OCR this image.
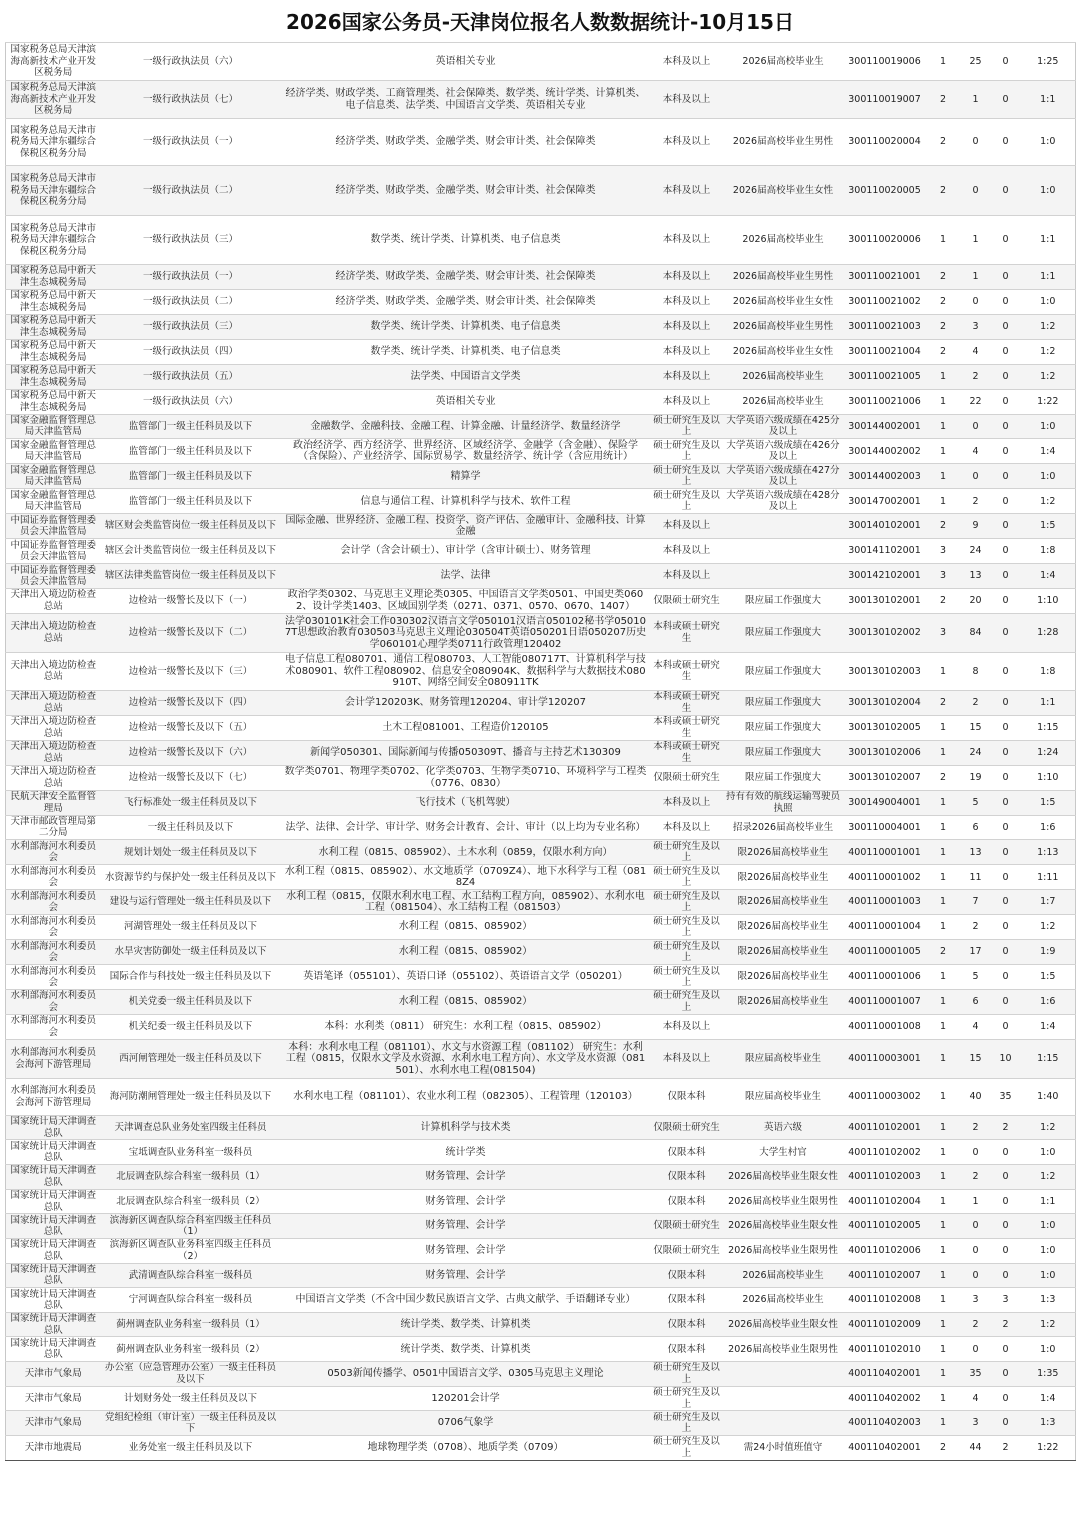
2026国家公务员-天津岗位报名人数数据统计-10月15日
国家税务总局天津滨海高新技术产业开发区税务局	一级行政执法员（六）	英语相关专业	本科及以上	2026届高校毕业生	300110019006	1	25	0	1:25
国家税务总局天津滨海高新技术产业开发区税务局	一级行政执法员（七）	经济学类、财政学类、工商管理类、社会保障类、数学类、统计学类、计算机类、电子信息类、法学类、中国语言文学类、英语相关专业	本科及以上		300110019007	2	1	0	1:1
国家税务总局天津市税务局天津东疆综合保税区税务分局	一级行政执法员（一）	经济学类、财政学类、金融学类、财会审计类、社会保障类	本科及以上	2026届高校毕业生男性	300110020004	2	0	0	1:0
国家税务总局天津市税务局天津东疆综合保税区税务分局	一级行政执法员（二）	经济学类、财政学类、金融学类、财会审计类、社会保障类	本科及以上	2026届高校毕业生女性	300110020005	2	0	0	1:0
国家税务总局天津市税务局天津东疆综合保税区税务分局	一级行政执法员（三）	数学类、统计学类、计算机类、电子信息类	本科及以上	2026届高校毕业生	300110020006	1	1	0	1:1
国家税务总局中新天津生态城税务局	一级行政执法员（一）	经济学类、财政学类、金融学类、财会审计类、社会保障类	本科及以上	2026届高校毕业生男性	300110021001	2	1	0	1:1
国家税务总局中新天津生态城税务局	一级行政执法员（二）	经济学类、财政学类、金融学类、财会审计类、社会保障类	本科及以上	2026届高校毕业生女性	300110021002	2	0	0	1:0
国家税务总局中新天津生态城税务局	一级行政执法员（三）	数学类、统计学类、计算机类、电子信息类	本科及以上	2026届高校毕业生男性	300110021003	2	3	0	1:2
国家税务总局中新天津生态城税务局	一级行政执法员（四）	数学类、统计学类、计算机类、电子信息类	本科及以上	2026届高校毕业生女性	300110021004	2	4	0	1:2
国家税务总局中新天津生态城税务局	一级行政执法员（五）	法学类、中国语言文学类	本科及以上	2026届高校毕业生	300110021005	1	2	0	1:2
国家税务总局中新天津生态城税务局	一级行政执法员（六）	英语相关专业	本科及以上	2026届高校毕业生	300110021006	1	22	0	1:22
国家金融监督管理总局天津监管局	监管部门一级主任科员及以下	金融数学、金融科技、金融工程、计算金融、计量经济学、数量经济学	硕士研究生及以上	大学英语六级成绩在425分及以上	300144002001	1	0	0	1:0
国家金融监督管理总局天津监管局	监管部门一级主任科员及以下	政治经济学、西方经济学、世界经济、区域经济学、金融学（含金融）、保险学（含保险）、产业经济学、国际贸易学、数量经济学、统计学（含应用统计）	硕士研究生及以上	大学英语六级成绩在426分及以上	300144002002	1	4	0	1:4
国家金融监督管理总局天津监管局	监管部门一级主任科员及以下	精算学	硕士研究生及以上	大学英语六级成绩在427分及以上	300144002003	1	0	0	1:0
国家金融监督管理总局天津监管局	监管部门一级主任科员及以下	信息与通信工程、计算机科学与技术、软件工程	硕士研究生及以上	大学英语六级成绩在428分及以上	300147002001	1	2	0	1:2
中国证券监督管理委员会天津监管局	辖区财会类监管岗位一级主任科员及以下	国际金融、世界经济、金融工程、投资学、资产评估、金融审计、金融科技、计算金融	本科及以上		300140102001	2	9	0	1:5
中国证券监督管理委员会天津监管局	辖区会计类监管岗位一级主任科员及以下	会计学（含会计硕士）、审计学（含审计硕士）、财务管理	本科及以上		300141102001	3	24	0	1:8
中国证券监督管理委员会天津监管局	辖区法律类监管岗位一级主任科员及以下	法学、法律	本科及以上		300142102001	3	13	0	1:4
天津出入境边防检查总站	边检站一级警长及以下（一）	政治学类0302、马克思主义理论类0305、中国语言文学类0501、中国史类0602、设计学类1403、区域国别学类（0271、0371、0570、0670、1407）	仅限硕士研究生	限应届工作强度大	300130102001	2	20	0	1:10
天津出入境边防检查总站	边检站一级警长及以下（二）	法学030101K社会工作030302汉语言文学050101汉语言050102秘书学050107T思想政治教育030503马克思主义理论030504T英语050201日语050207历史学060101心理学类0711行政管理120402	本科或硕士研究生	限应届工作强度大	300130102002	3	84	0	1:28
天津出入境边防检查总站	边检站一级警长及以下（三）	电子信息工程080701、通信工程080703、人工智能080717T、计算机科学与技术080901、软件工程080902、信息安全080904K、数据科学与大数据技术080910T、网络空间安全080911TK	本科或硕士研究生	限应届工作强度大	300130102003	1	8	0	1:8
天津出入境边防检查总站	边检站一级警长及以下（四）	会计学120203K、财务管理120204、审计学120207	本科或硕士研究生	限应届工作强度大	300130102004	2	2	0	1:1
天津出入境边防检查总站	边检站一级警长及以下（五）	土木工程081001、工程造价120105	本科或硕士研究生	限应届工作强度大	300130102005	1	15	0	1:15
天津出入境边防检查总站	边检站一级警长及以下（六）	新闻学050301、国际新闻与传播050309T、播音与主持艺术130309	本科或硕士研究生	限应届工作强度大	300130102006	1	24	0	1:24
天津出入境边防检查总站	边检站一级警长及以下（七）	数学类0701、物理学类0702、化学类0703、生物学类0710、环境科学与工程类（0776、0830）	仅限硕士研究生	限应届工作强度大	300130102007	2	19	0	1:10
民航天津安全监督管理局	飞行标准处一级主任科员及以下	飞行技术（飞机驾驶）	本科及以上	持有有效的航线运输驾驶员执照	300149004001	1	5	0	1:5
天津市邮政管理局第二分局	一级主任科员及以下	法学、法律、会计学、审计学、财务会计教育、会计、审计（以上均为专业名称）	本科及以上	招录2026届高校毕业生	300110004001	1	6	0	1:6
水利部海河水利委员会	规划计划处一级主任科员及以下	水利工程（0815、085902）、土木水利（0859，仅限水利方向）	硕士研究生及以上	限2026届高校毕业生	400110001001	1	13	0	1:13
水利部海河水利委员会	水资源节约与保护处一级主任科员及以下	水利工程（0815、085902）、水文地质学（0709Z4）、地下水科学与工程（0818Z4	硕士研究生及以上	限2026届高校毕业生	400110001002	1	11	0	1:11
水利部海河水利委员会	建设与运行管理处一级主任科员及以下	水利工程（0815，仅限水利水电工程、水工结构工程方向，085902）、水利水电工程（081504）、水工结构工程（081503）	硕士研究生及以上	限2026届高校毕业生	400110001003	1	7	0	1:7
水利部海河水利委员会	河湖管理处一级主任科员及以下	水利工程（0815、085902）	硕士研究生及以上	限2026届高校毕业生	400110001004	1	2	0	1:2
水利部海河水利委员会	水旱灾害防御处一级主任科员及以下	水利工程（0815、085902）	硕士研究生及以上	限2026届高校毕业生	400110001005	2	17	0	1:9
水利部海河水利委员会	国际合作与科技处一级主任科员及以下	英语笔译（055101）、英语口译（055102）、英语语言文学（050201）	硕士研究生及以上	限2026届高校毕业生	400110001006	1	5	0	1:5
水利部海河水利委员会	机关党委一级主任科员及以下	水利工程（0815、085902）	硕士研究生及以上	限2026届高校毕业生	400110001007	1	6	0	1:6
水利部海河水利委员会	机关纪委一级主任科员及以下	本科：水利类（0811） 研究生：水利工程（0815、085902）	本科及以上		400110001008	1	4	0	1:4
水利部海河水利委员会海河下游管理局	西河闸管理处一级主任科员及以下	本科：水利水电工程（081101）、水文与水资源工程（081102） 研究生：水利工程（0815，仅限水文学及水资源、水利水电工程方向）、水文学及水资源（081501）、水利水电工程(081504)	本科及以上	限应届高校毕业生	400110003001	1	15	10	1:15
水利部海河水利委员会海河下游管理局	海河防潮闸管理处一级主任科员及以下	水利水电工程（081101）、农业水利工程（082305）、工程管理（120103）	仅限本科	限应届高校毕业生	400110003002	1	40	35	1:40
国家统计局天津调查总队	天津调查总队业务处室四级主任科员	计算机科学与技术类	仅限硕士研究生	英语六级	400110102001	1	2	2	1:2
国家统计局天津调查总队	宝坻调查队业务科室一级科员	统计学类	仅限本科	大学生村官	400110102002	1	0	0	1:0
国家统计局天津调查总队	北辰调查队综合科室一级科员（1）	财务管理、会计学	仅限本科	2026届高校毕业生限女性	400110102003	1	2	0	1:2
国家统计局天津调查总队	北辰调查队综合科室一级科员（2）	财务管理、会计学	仅限本科	2026届高校毕业生限男性	400110102004	1	1	0	1:1
国家统计局天津调查总队	滨海新区调查队综合科室四级主任科员（1）	财务管理、会计学	仅限硕士研究生	2026届高校毕业生限女性	400110102005	1	0	0	1:0
国家统计局天津调查总队	滨海新区调查队业务科室四级主任科员（2）	财务管理、会计学	仅限硕士研究生	2026届高校毕业生限男性	400110102006	1	0	0	1:0
国家统计局天津调查总队	武清调查队综合科室一级科员	财务管理、会计学	仅限本科	2026届高校毕业生	400110102007	1	0	0	1:0
国家统计局天津调查总队	宁河调查队综合科室一级科员	中国语言文学类（不含中国少数民族语言文学、古典文献学、手语翻译专业）	仅限本科	2026届高校毕业生	400110102008	1	3	3	1:3
国家统计局天津调查总队	蓟州调查队业务科室一级科员（1）	统计学类、数学类、计算机类	仅限本科	2026届高校毕业生限女性	400110102009	1	2	2	1:2
国家统计局天津调查总队	蓟州调查队业务科室一级科员（2）	统计学类、数学类、计算机类	仅限本科	2026届高校毕业生限男性	400110102010	1	0	0	1:0
天津市气象局	办公室（应急管理办公室）一级主任科员及以下	0503新闻传播学、0501中国语言文学、0305马克思主义理论	硕士研究生及以上		400110402001	1	35	0	1:35
天津市气象局	计划财务处一级主任科员及以下	120201会计学	硕士研究生及以上		400110402002	1	4	0	1:4
天津市气象局	党组纪检组（审计室）一级主任科员及以下	0706气象学	硕士研究生及以上		400110402003	1	3	0	1:3
天津市地震局	业务处室一级主任科员及以下	地球物理学类（0708）、地质学类（0709）	硕士研究生及以上	需24小时值班值守	400110402001	2	44	2	1:22
